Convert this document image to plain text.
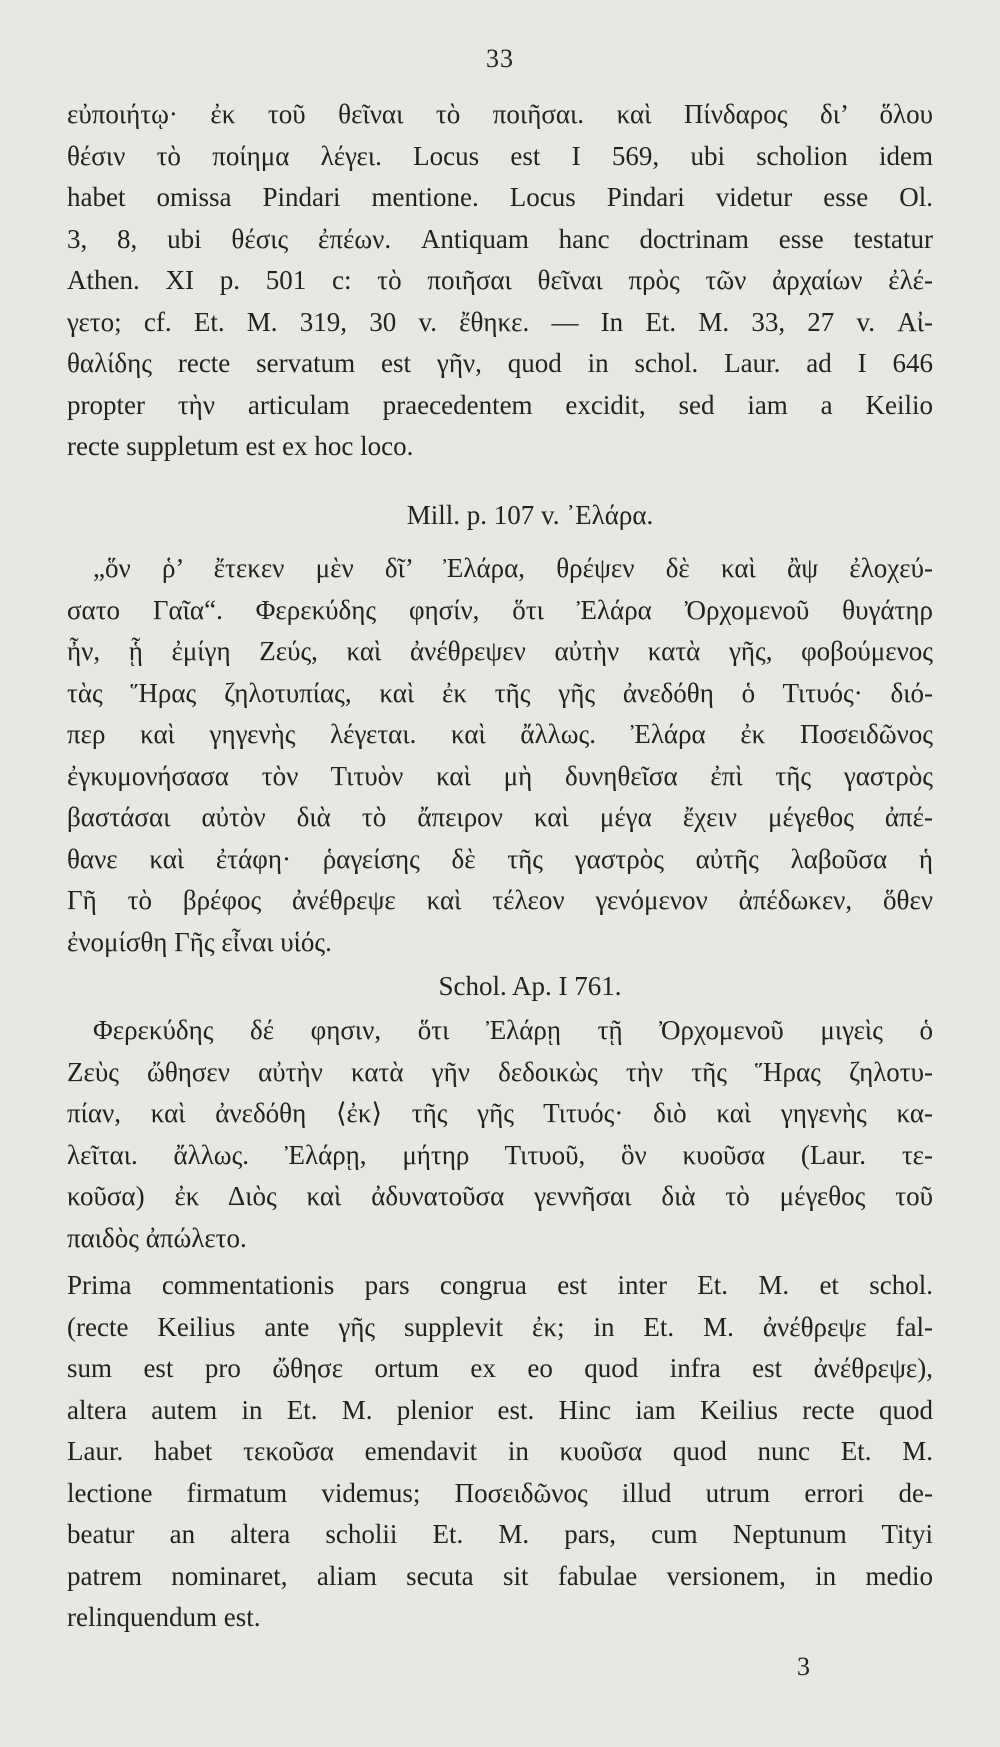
33
εὐποιήτῳ· ἐκ τοῦ θεῖναι τὸ ποιῆσαι. καὶ Πίνδαρος δι’ ὅλου
θέσιν τὸ ποίημα λέγει. Locus est I 569, ubi scholion idem
habet omissa Pindari mentione. Locus Pindari videtur esse Ol.
3, 8, ubi θέσις ἐπέων. Antiquam hanc doctrinam esse testatur
Athen. XI p. 501 c: τὸ ποιῆσαι θεῖναι πρὸς τῶν ἀρχαίων ἐλέ-
γετο; cf. Et. M. 319, 30 v. ἔθηκε. — In Et. M. 33, 27 v. Αἰ-
θαλίδης recte servatum est γῆν, quod in schol. Laur. ad I 646
propter τὴν articulam praecedentem excidit, sed iam a Keilio
recte suppletum est ex hoc loco.
Mill. p. 107 v. ᾿Ελάρα.
„ὅν ῥ’ ἔτεκεν μὲν δῖ’ Ἐλάρα, θρέψεν δὲ καὶ ἂψ ἐλοχεύ-
σατο Γαῖα“. Φερεκύδης φησίν, ὅτι Ἐλάρα Ὀρχομενοῦ θυγάτηρ
ἦν, ᾗ ἐμίγη Ζεύς, καὶ ἀνέθρεψεν αὐτὴν κατὰ γῆς, φοβούμενος
τὰς Ἥρας ζηλοτυπίας, καὶ ἐκ τῆς γῆς ἀνεδόθη ὁ Τιτυός· διό-
περ καὶ γηγενὴς λέγεται. καὶ ἄλλως. Ἐλάρα ἐκ Ποσειδῶνος
ἐγκυμονήσασα τὸν Τιτυὸν καὶ μὴ δυνηθεῖσα ἐπὶ τῆς γαστρὸς
βαστάσαι αὐτὸν διὰ τὸ ἄπειρον καὶ μέγα ἔχειν μέγεθος ἀπέ-
θανε καὶ ἐτάφη· ῥαγείσης δὲ τῆς γαστρὸς αὐτῆς λαβοῦσα ἡ
Γῆ τὸ βρέφος ἀνέθρεψε καὶ τέλεον γενόμενον ἀπέδωκεν, ὅθεν
ἐνομίσθη Γῆς εἶναι υἱός.
Schol. Ap. I 761.
Φερεκύδης δέ φησιν, ὅτι Ἐλάρῃ τῇ Ὀρχομενοῦ μιγεὶς ὁ
Ζεὺς ὤθησεν αὐτὴν κατὰ γῆν δεδοικὼς τὴν τῆς Ἥρας ζηλοτυ-
πίαν, καὶ ἀνεδόθη ⟨ἐκ⟩ τῆς γῆς Τιτυός· διὸ καὶ γηγενὴς κα-
λεῖται. ἄλλως. Ἐλάρῃ, μήτηρ Τιτυοῦ, ὃν κυοῦσα (Laur. τε-
κοῦσα) ἐκ Διὸς καὶ ἀδυνατοῦσα γεννῆσαι διὰ τὸ μέγεθος τοῦ
παιδὸς ἀπώλετο.
Prima commentationis pars congrua est inter Et. M. et schol.
(recte Keilius ante γῆς supplevit ἐκ; in Et. M. ἀνέθρεψε fal-
sum est pro ὤθησε ortum ex eo quod infra est ἀνέθρεψε),
altera autem in Et. M. plenior est. Hinc iam Keilius recte quod
Laur. habet τεκοῦσα emendavit in κυοῦσα quod nunc Et. M.
lectione firmatum videmus; Ποσειδῶνος illud utrum errori de-
beatur an altera scholii Et. M. pars, cum Neptunum Tityi
patrem nominaret, aliam secuta sit fabulae versionem, in medio
relinquendum est.
3
